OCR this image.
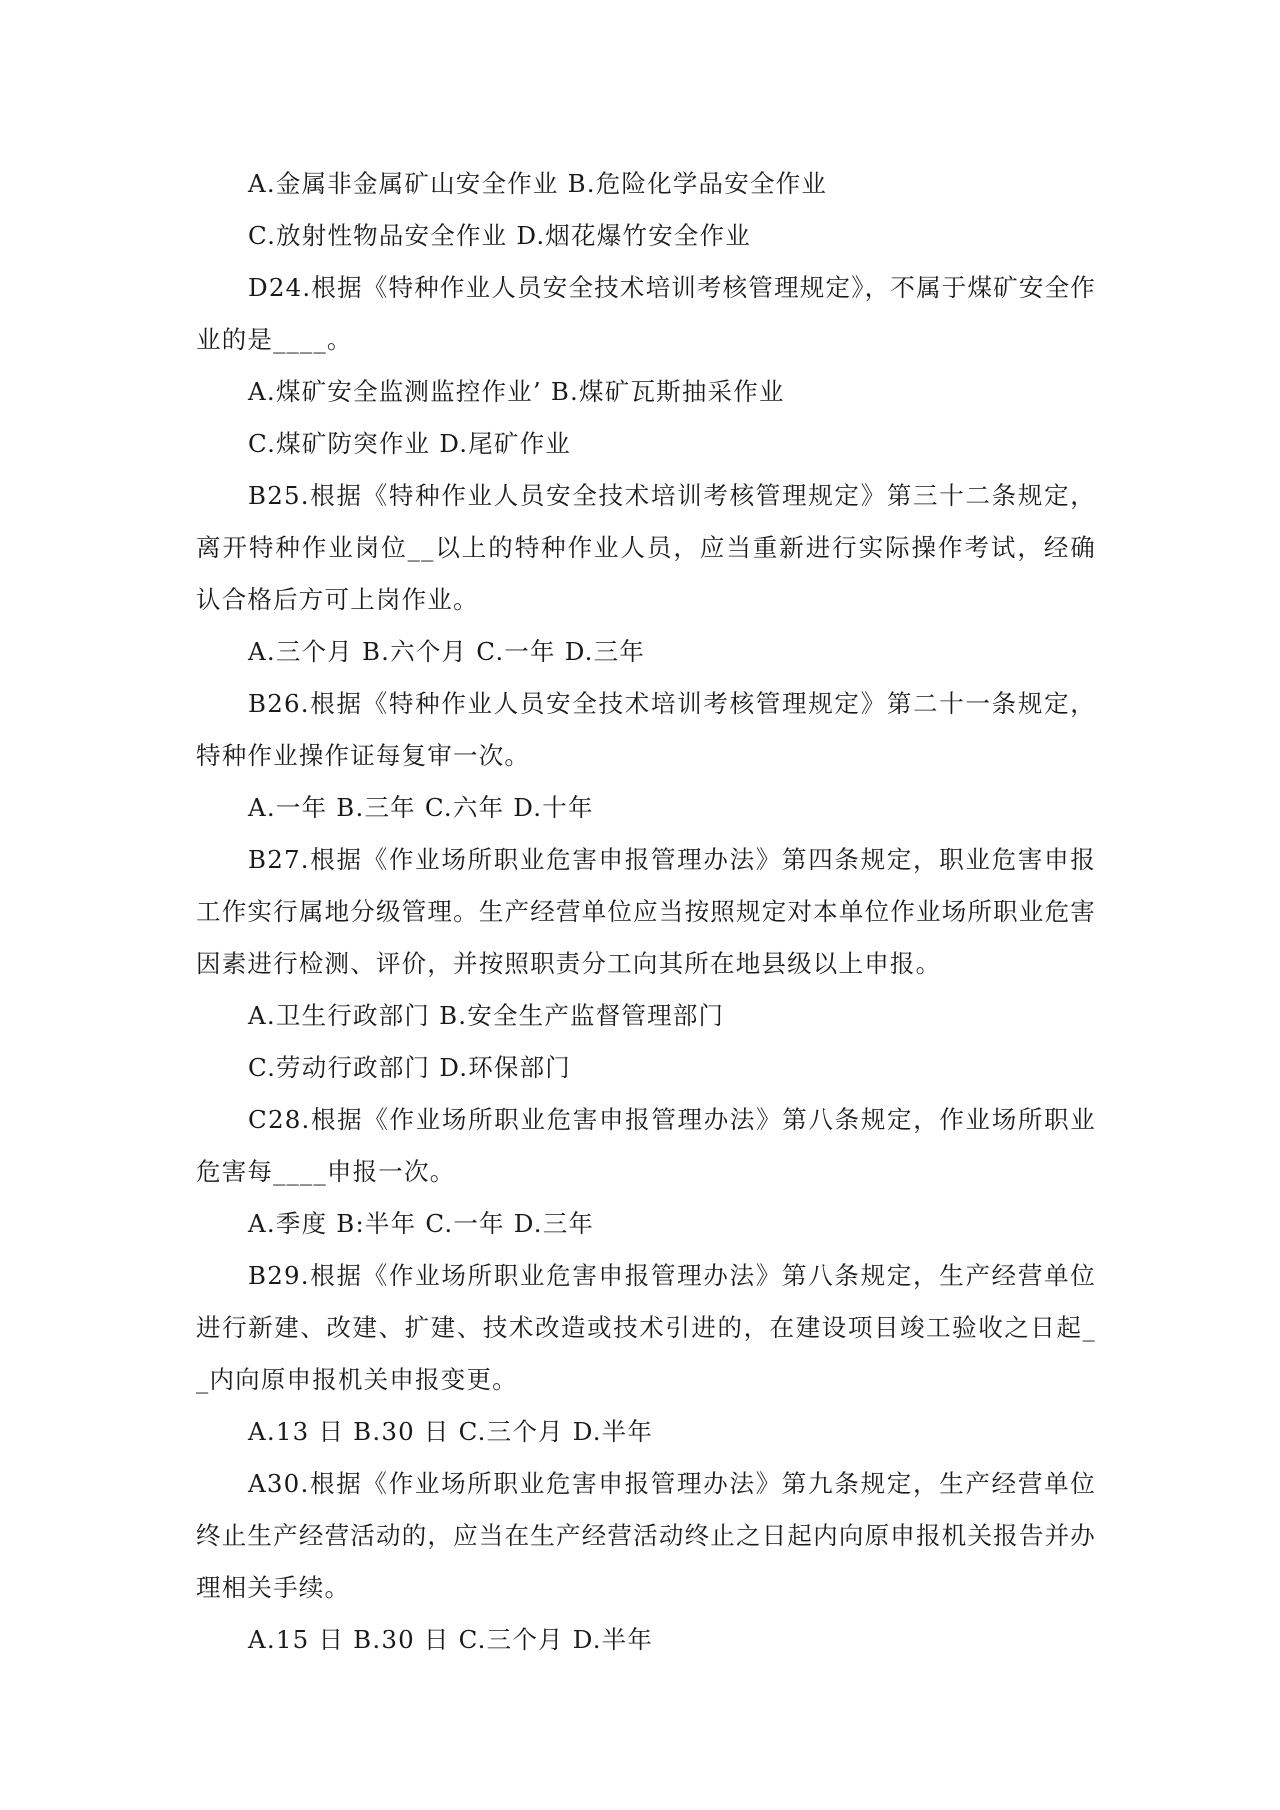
A.金属非金属矿山安全作业 B.危险化学品安全作业

C.放射性物品安全作业 D.烟花爆竹安全作业

D24.根据《特种作业人员安全技术培训考核管理规定》，不属于煤矿安全作业的是____。

A.煤矿安全监测监控作业’ B.煤矿瓦斯抽采作业

C.煤矿防突作业 D.尾矿作业

B25.根据《特种作业人员安全技术培训考核管理规定》第三十二条规定，离开特种作业岗位__以上的特种作业人员，应当重新进行实际操作考试，经确认合格后方可上岗作业。

A.三个月 B.六个月 C.一年 D.三年

B26.根据《特种作业人员安全技术培训考核管理规定》第二十一条规定，特种作业操作证每复审一次。

A.一年 B.三年 C.六年 D.十年

B27.根据《作业场所职业危害申报管理办法》第四条规定，职业危害申报工作实行属地分级管理。生产经营单位应当按照规定对本单位作业场所职业危害因素进行检测、评价，并按照职责分工向其所在地县级以上申报。

A.卫生行政部门 B.安全生产监督管理部门

C.劳动行政部门 D.环保部门

C28.根据《作业场所职业危害申报管理办法》第八条规定，作业场所职业危害每____申报一次。

A.季度 B:半年 C.一年 D.三年

B29.根据《作业场所职业危害申报管理办法》第八条规定，生产经营单位进行新建、改建、扩建、技术改造或技术引进的，在建设项目竣工验收之日起__内向原申报机关申报变更。

A.13 日 B.30 日 C.三个月 D.半年

A30.根据《作业场所职业危害申报管理办法》第九条规定，生产经营单位终止生产经营活动的，应当在生产经营活动终止之日起内向原申报机关报告并办理相关手续。

A.15 日 B.30 日 C.三个月 D.半年
